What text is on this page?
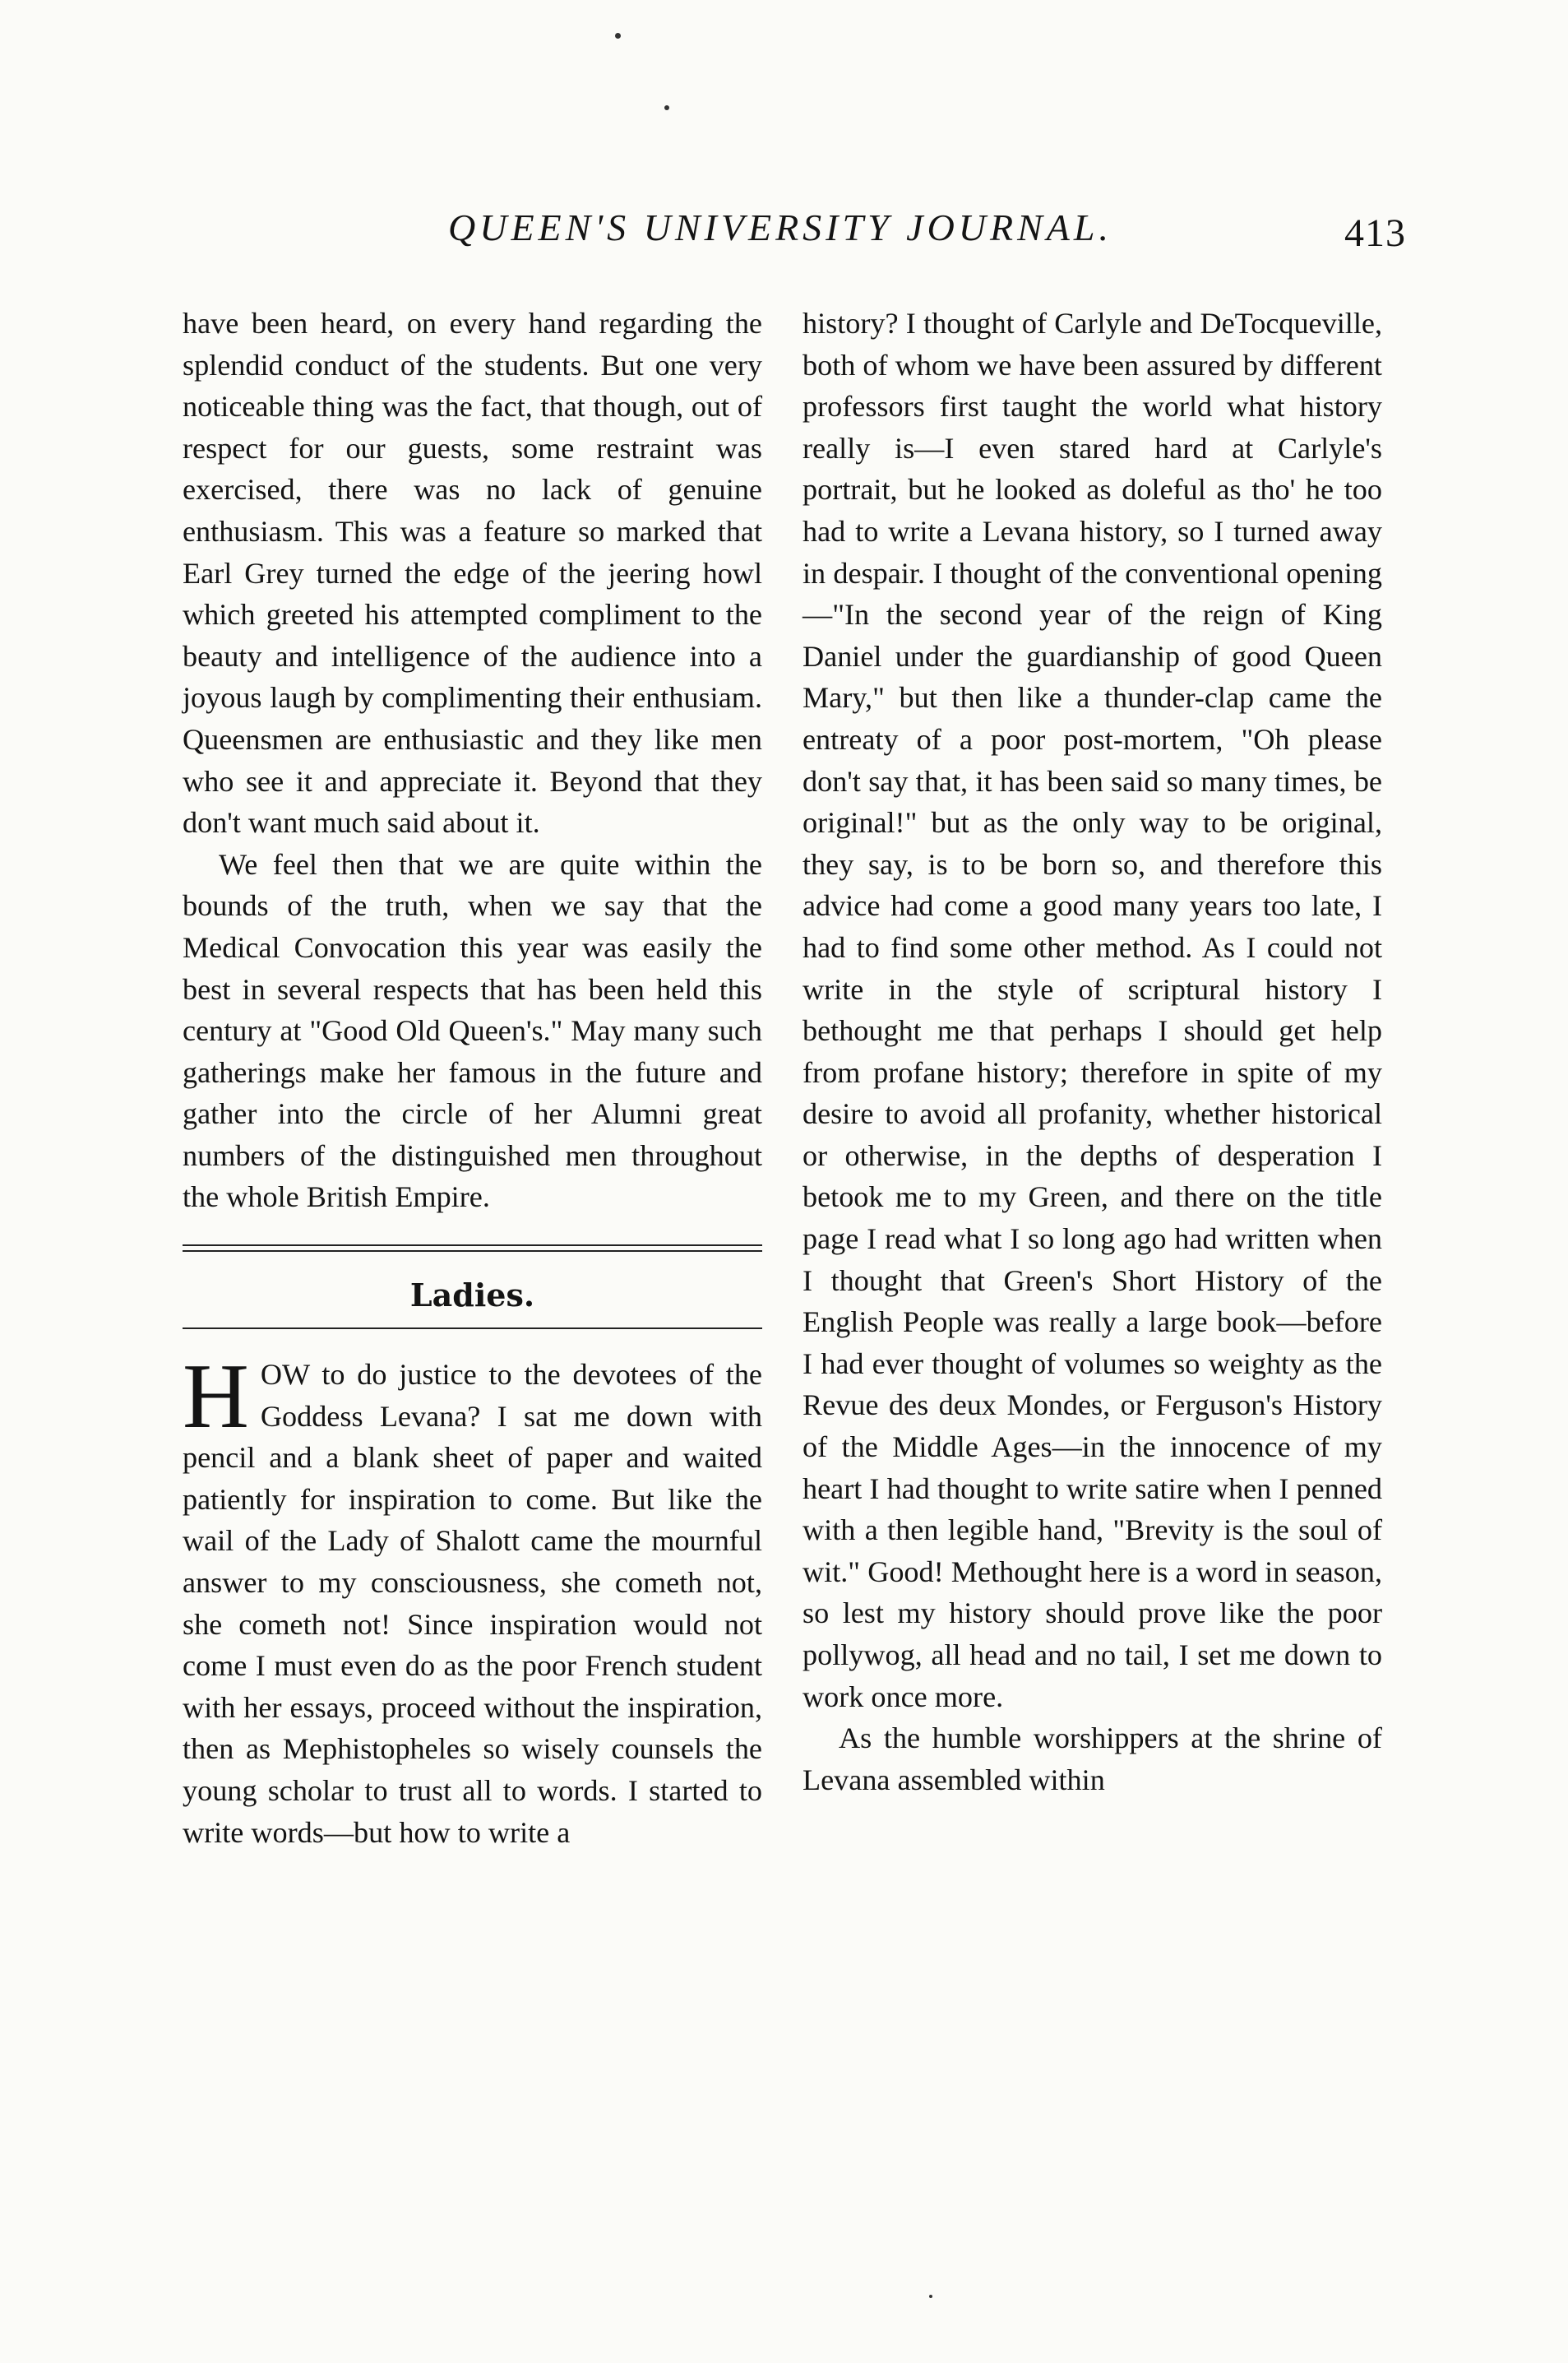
QUEEN'S UNIVERSITY JOURNAL.	413

have been heard, on every hand regarding the splendid conduct of the students. But one very noticeable thing was the fact, that though, out of respect for our guests, some restraint was exercised, there was no lack of genuine enthusiasm. This was a feature so marked that Earl Grey turned the edge of the jeering howl which greeted his attempted compliment to the beauty and intelligence of the audience into a joyous laugh by complimenting their enthusiam. Queensmen are enthusiastic and they like men who see it and appreciate it. Beyond that they don't want much said about it.

We feel then that we are quite within the bounds of the truth, when we say that the Medical Convocation this year was easily the best in several respects that has been held this century at "Good Old Queen's." May many such gatherings make her famous in the future and gather into the circle of her Alumni great numbers of the distinguished men throughout the whole British Empire.

Ladies.

HOW to do justice to the devotees of the Goddess Levana? I sat me down with pencil and a blank sheet of paper and waited patiently for inspiration to come. But like the wail of the Lady of Shalott came the mournful answer to my consciousness, she cometh not, she cometh not! Since inspiration would not come I must even do as the poor French student with her essays, proceed without the inspiration, then as Mephistopheles so wisely counsels the young scholar to trust all to words. I started to write words—but how to write a

history? I thought of Carlyle and DeTocqueville, both of whom we have been assured by different professors first taught the world what history really is—I even stared hard at Carlyle's portrait, but he looked as doleful as tho' he too had to write a Levana history, so I turned away in despair. I thought of the conventional opening—"In the second year of the reign of King Daniel under the guardianship of good Queen Mary," but then like a thunder-clap came the entreaty of a poor post-mortem, "Oh please don't say that, it has been said so many times, be original!" but as the only way to be original, they say, is to be born so, and therefore this advice had come a good many years too late, I had to find some other method. As I could not write in the style of scriptural history I bethought me that perhaps I should get help from profane history; therefore in spite of my desire to avoid all profanity, whether historical or otherwise, in the depths of desperation I betook me to my Green, and there on the title page I read what I so long ago had written when I thought that Green's Short History of the English People was really a large book—before I had ever thought of volumes so weighty as the Revue des deux Mondes, or Ferguson's History of the Middle Ages—in the innocence of my heart I had thought to write satire when I penned with a then legible hand, "Brevity is the soul of wit." Good! Methought here is a word in season, so lest my history should prove like the poor pollywog, all head and no tail, I set me down to work once more.

As the humble worshippers at the shrine of Levana assembled within
